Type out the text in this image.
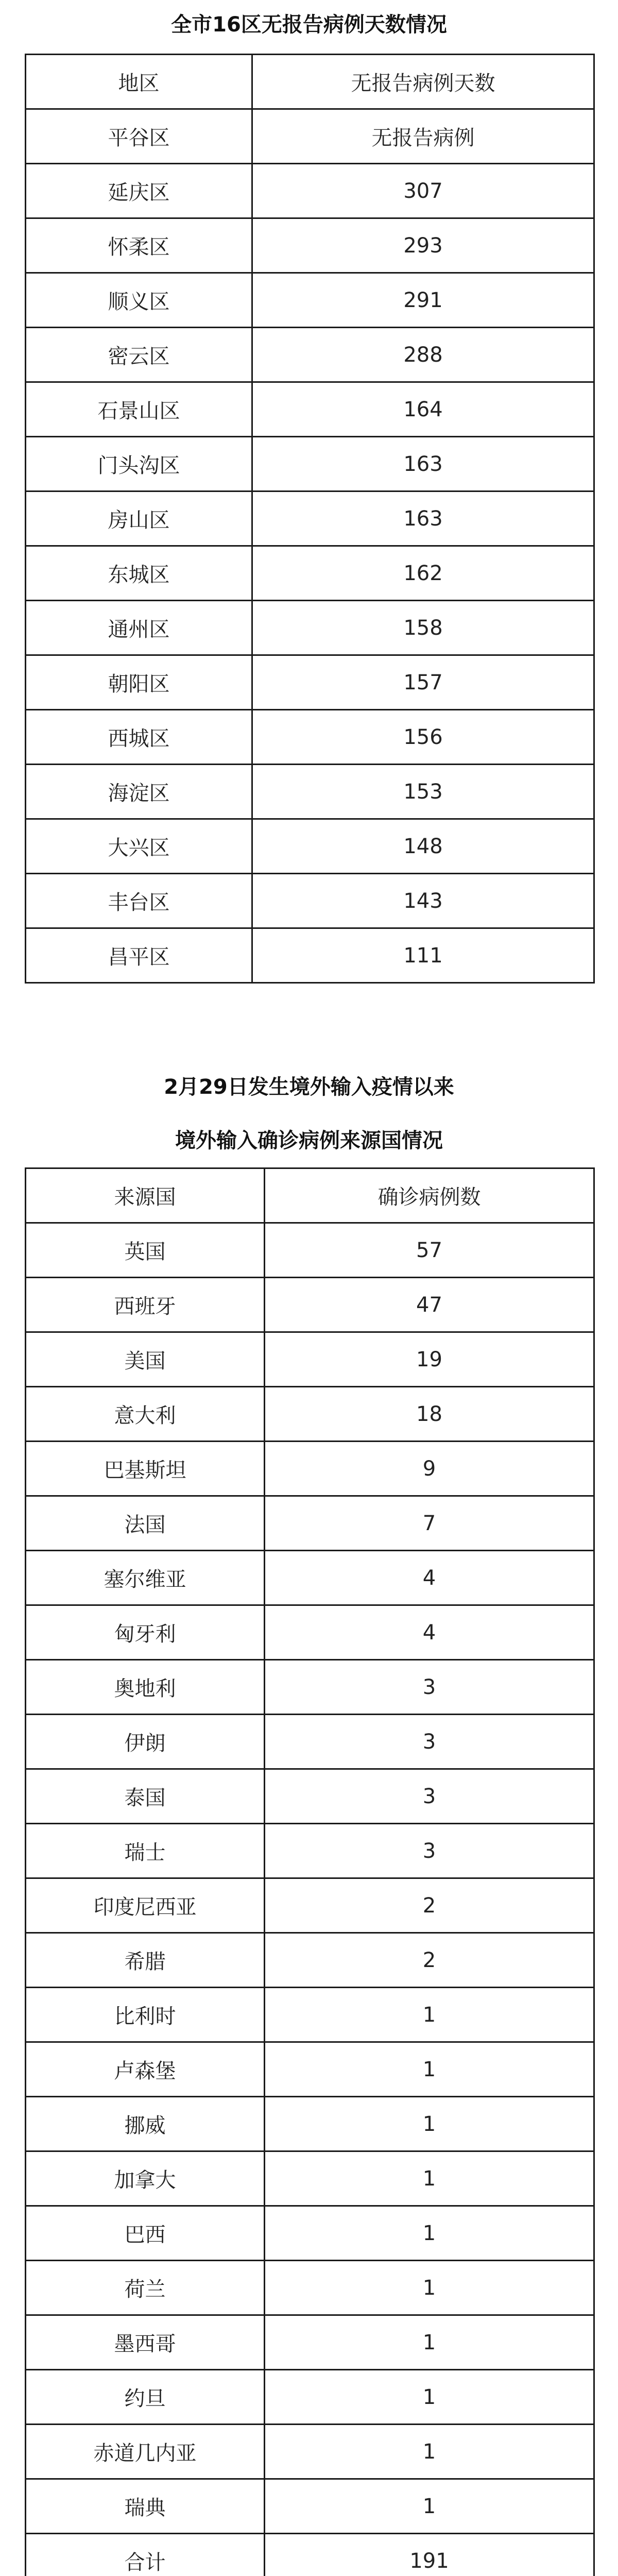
全市16区无报告病例天数情况
地区	无报告病例天数
平谷区	无报告病例
延庆区	307
怀柔区	293
顺义区	291
密云区	288
石景山区	164
门头沟区	163
房山区	163
东城区	162
通州区	158
朝阳区	157
西城区	156
海淀区	153
大兴区	148
丰台区	143
昌平区	111
2月29日发生境外输入疫情以来
境外输入确诊病例来源国情况
来源国	确诊病例数
英国	57
西班牙	47
美国	19
意大利	18
巴基斯坦	9
法国	7
塞尔维亚	4
匈牙利	4
奥地利	3
伊朗	3
泰国	3
瑞士	3
印度尼西亚	2
希腊	2
比利时	1
卢森堡	1
挪威	1
加拿大	1
巴西	1
荷兰	1
墨西哥	1
约旦	1
赤道几内亚	1
瑞典	1
合计	191
